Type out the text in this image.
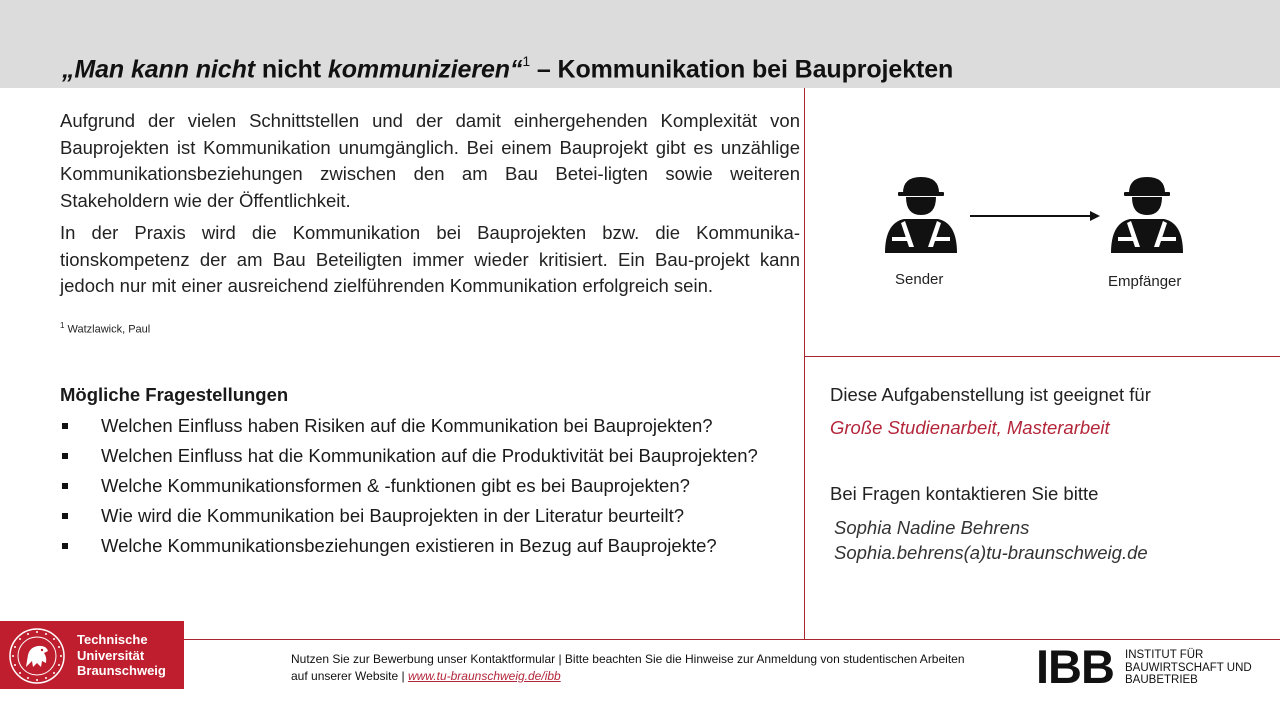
„Man kann nicht nicht kommunizieren“$^1$ – Kommunikation bei Bauprojekten

Aufgrund der vielen Schnittstellen und der damit einhergehenden Komplexität von Bauprojekten ist Kommunikation unumgänglich. Bei einem Bauprojekt gibt es unzählige Kommunikationsbeziehungen zwischen den am Bau Betei-ligten sowie weiteren Stakeholdern wie der Öffentlichkeit.

In der Praxis wird die Kommunikation bei Bauprojekten bzw. die Kommunika-tionskompetenz der am Bau Beteiligten immer wieder kritisiert. Ein Bau-projekt kann jedoch nur mit einer ausreichend zielführenden Kommunikation erfolgreich sein.

$^1$ Watzlawick, Paul
Sender	Empfänger
Mögliche Fragestellungen
Welchen Einfluss haben Risiken auf die Kommunikation bei Bauprojekten?
Welchen Einfluss hat die Kommunikation auf die Produktivität bei Bauprojekten?
Welche Kommunikationsformen & -funktionen gibt es bei Bauprojekten?
Wie wird die Kommunikation bei Bauprojekten in der Literatur beurteilt?
Welche Kommunikationsbeziehungen existieren in Bezug auf Bauprojekte?
Diese Aufgabenstellung ist geeignet für
Große Studienarbeit, Masterarbeit
Bei Fragen kontaktieren Sie bitte
Sophia Nadine Behrens
Sophia.behrens(a)tu-braunschweig.de
Technische
Universität
Braunschweig
Nutzen Sie zur Bewerbung unser Kontaktformular | Bitte beachten Sie die Hinweise zur Anmeldung von studentischen Arbeiten auf unserer Website | www.tu-braunschweig.de/ibb	IBB INSTITUT FÜR
BAUWIRTSCHAFT UND
BAUBETRIEB
